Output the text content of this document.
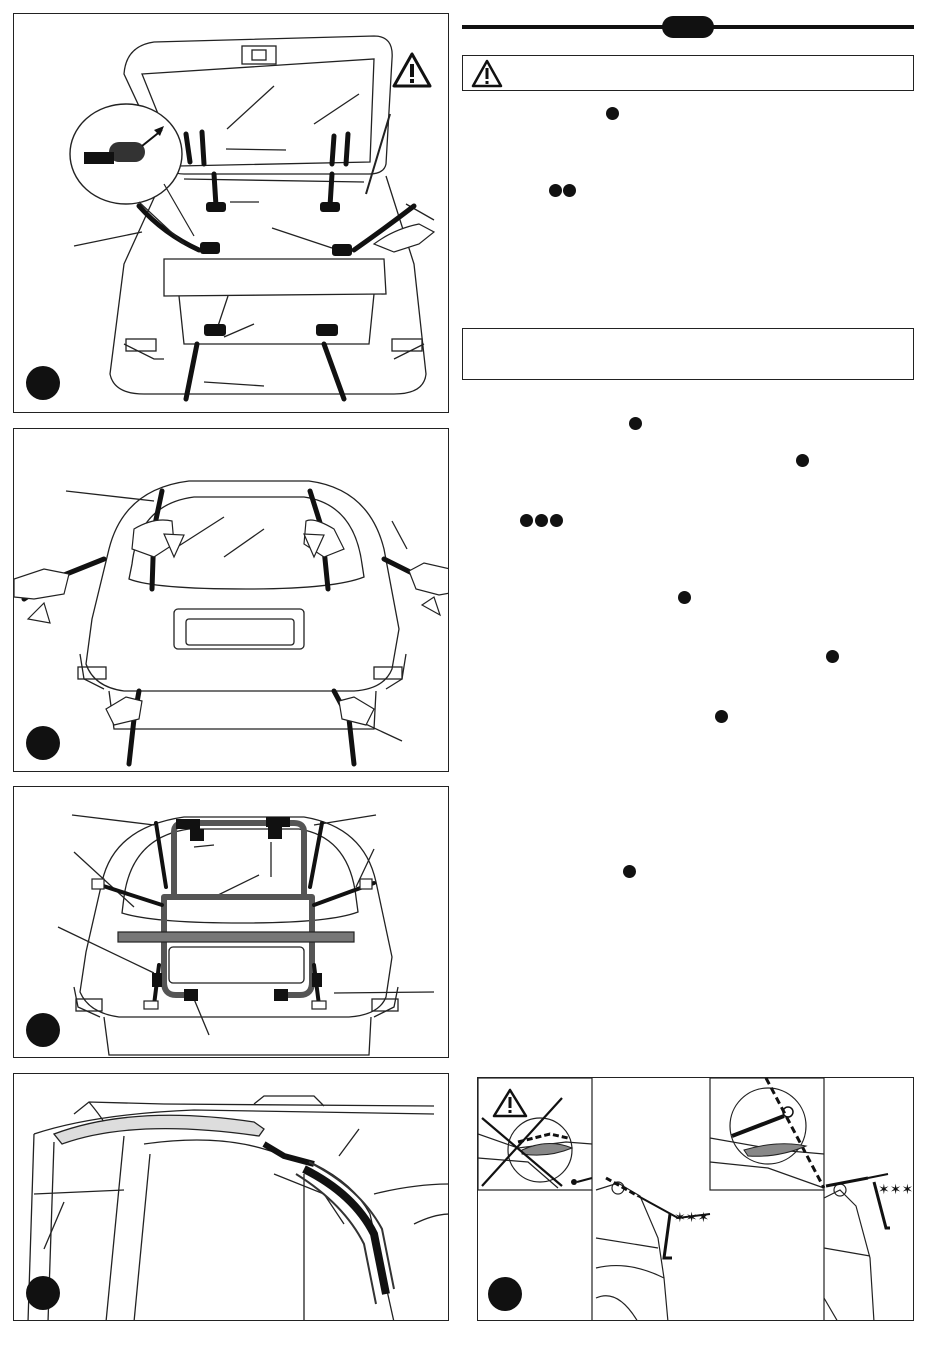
✶✶✶
✶✶✶
